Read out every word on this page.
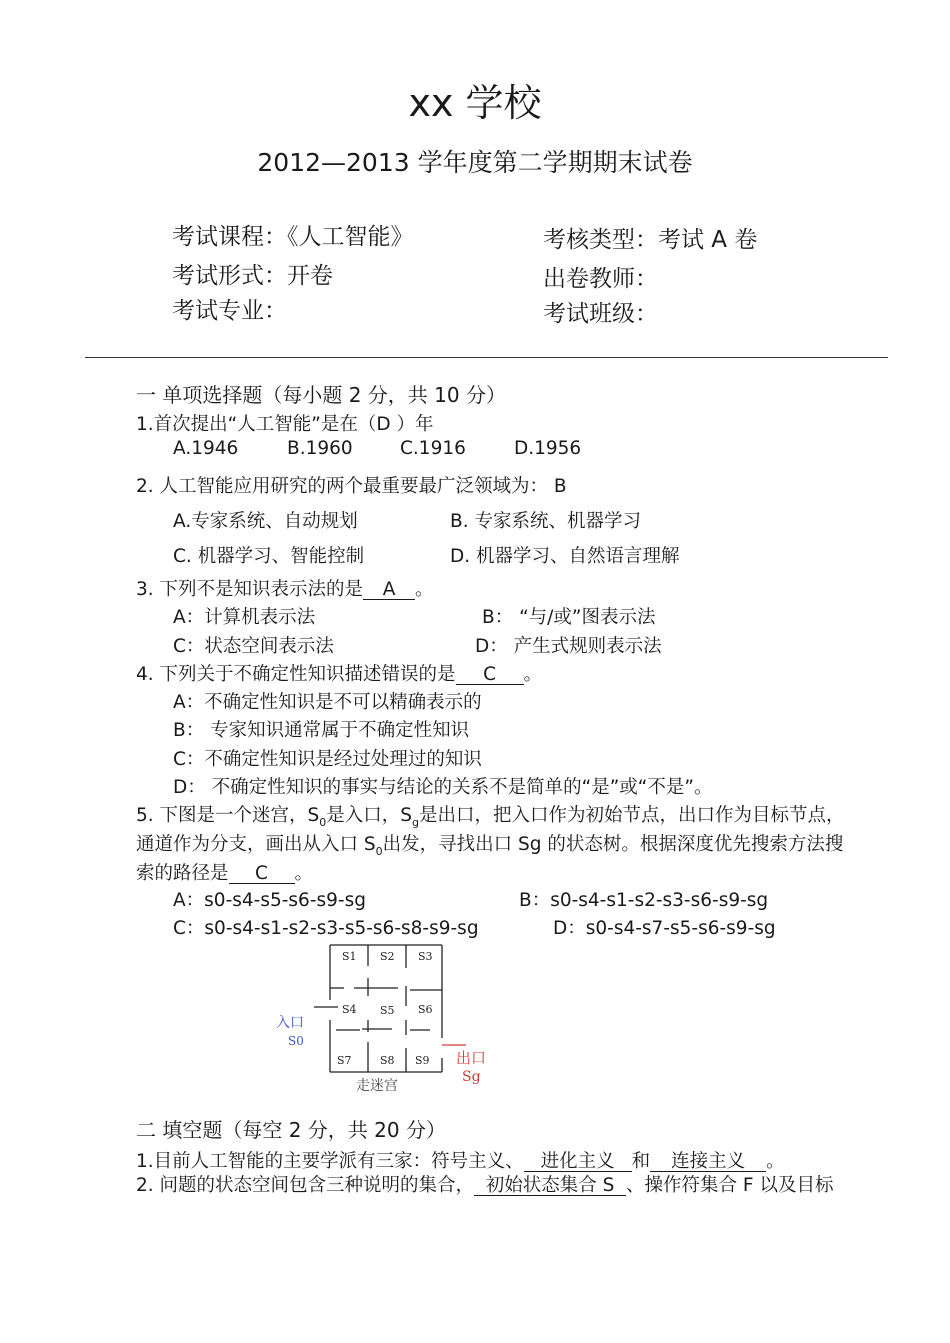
xx 学校
2012—2013 学年度第二学期期末试卷
考试课程：《人工智能》	考核类型：考试 A 卷
考试形式：开卷	出卷教师：
考试专业：	考试班级：
一 单项选择题（每小题 2 分，共 10 分）
1.首次提出“人工智能”是在（D ）年
A.1946	B.1960	C.1916	D.1956
2. 人工智能应用研究的两个最重要最广泛领域为： B
A.专家系统、自动规划	B. 专家系统、机器学习
C. 机器学习、智能控制	D. 机器学习、自然语言理解
3. 下列不是知识表示法的是 A 。
A：计算机表示法	B： “与/或”图表示法
C：状态空间表示法	D： 产生式规则表示法
4. 下列关于不确定性知识描述错误的是 C 。
A：不确定性知识是不可以精确表示的
B： 专家知识通常属于不确定性知识
C：不确定性知识是经过处理过的知识
D： 不确定性知识的事实与结论的关系不是简单的“是”或“不是”。
5. 下图是一个迷宫，$S_0$是入口，$S_g$是出口，把入口作为初始节点，出口作为目标节点，
通道作为分支，画出从入口 $S_0$出发，寻找出口 Sg 的状态树。根据深度优先搜索方法搜
索的路径是 C 。
A：s0-s4-s5-s6-s9-sg	B：s0-s4-s1-s2-s3-s6-s9-sg
C：s0-s4-s1-s2-s3-s5-s6-s8-s9-sg	D：s0-s4-s7-s5-s6-s9-sg
S1 S2 S3
S4 S5 S6
S7	S8 S9
入口
S0
出口
Sg
走迷宫
二 填空题（每空 2 分，共 20 分）
1.目前人工智能的主要学派有三家：符号主义、 进化主义 和 连接主义 。
2. 问题的状态空间包含三种说明的集合， 初始状态集合 S 、操作符集合 F 以及目标
